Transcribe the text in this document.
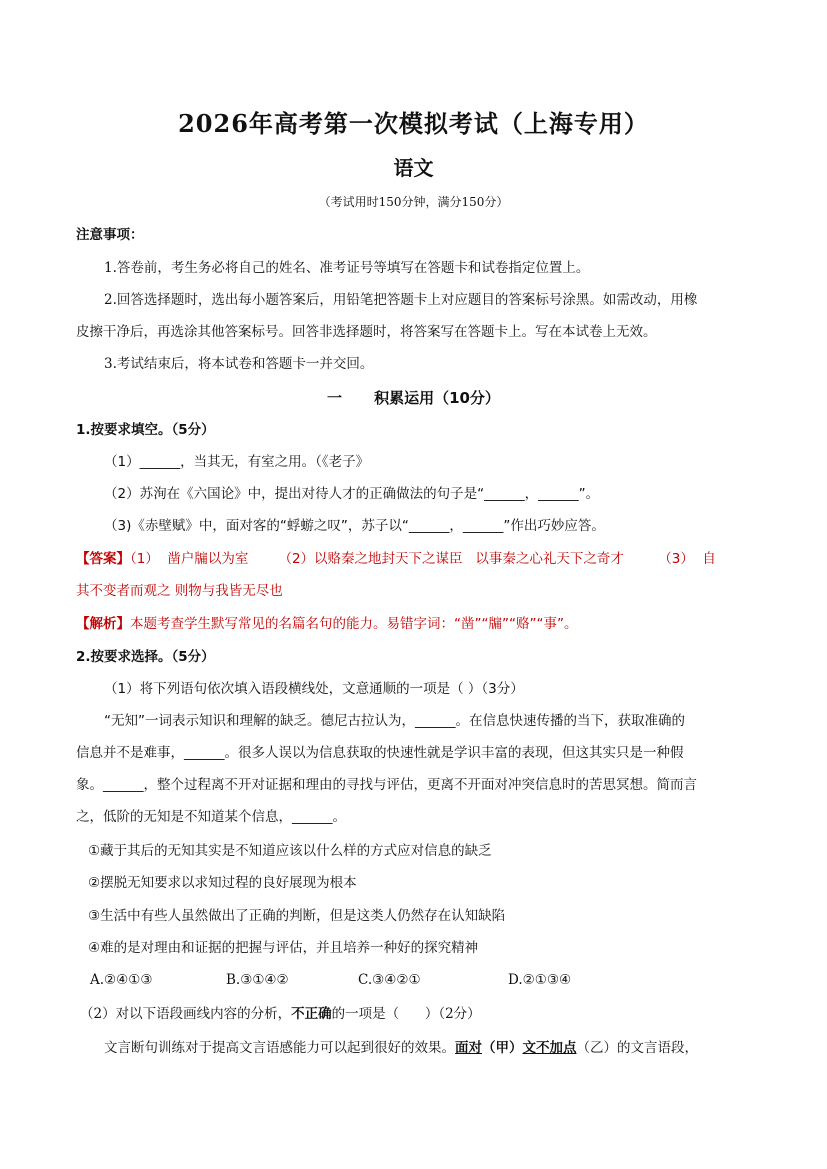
2026年高考第一次模拟考试（上海专用）
语文
（考试用时150分钟，满分150分）
注意事项：
1.答卷前，考生务必将自己的姓名、准考证号等填写在答题卡和试卷指定位置上。
2.回答选择题时，选出每小题答案后，用铅笔把答题卡上对应题目的答案标号涂黑。如需改动，用橡
皮擦干净后，再选涂其他答案标号。回答非选择题时，将答案写在答题卡上。写在本试卷上无效。
3.考试结束后，将本试卷和答题卡一并交回。
一 积累运用（10分）
1.按要求填空。（5分）
（1）______，当其无，有室之用。（《老子》
（2）苏洵在《六国论》中，提出对待人才的正确做法的句子是“______，______”。
（3)《赤壁赋》中，面对客的“蜉蝣之叹”，苏子以“______，______”作出巧妙应答。
【答案】（1）  凿户牖以为室       （2）以赂秦之地封天下之谋臣   以事秦之心礼天下之奇才        （3）  自
其不变者而观之 则物与我皆无尽也
【解析】本题考查学生默写常见的名篇名句的能力。易错字词：“凿”“牖”“赂”“事”。
2.按要求选择。（5分）
（1）将下列语句依次填入语段横线处，文意通顺的一项是（ ）（3分）
“无知”一词表示知识和理解的缺乏。德尼古拉认为，______。在信息快速传播的当下，获取准确的
信息并不是难事，______。很多人误以为信息获取的快速性就是学识丰富的表现，但这其实只是一种假
象。______，整个过程离不开对证据和理由的寻找与评估，更离不开面对冲突信息时的苦思冥想。简而言
之，低阶的无知是不知道某个信息，______。
①藏于其后的无知其实是不知道应该以什么样的方式应对信息的缺乏
②摆脱无知要求以求知过程的良好展现为根本
③生活中有些人虽然做出了正确的判断，但是这类人仍然存在认知缺陷
④难的是对理由和证据的把握与评估，并且培养一种好的探究精神
A.②④①③	B.③①④②	C.③④②①	D.②①③④
（2）对以下语段画线内容的分析，不正确的一项是（      ）（2分）
文言断句训练对于提高文言语感能力可以起到很好的效果。面对（甲）文不加点（乙）的文言语段，
